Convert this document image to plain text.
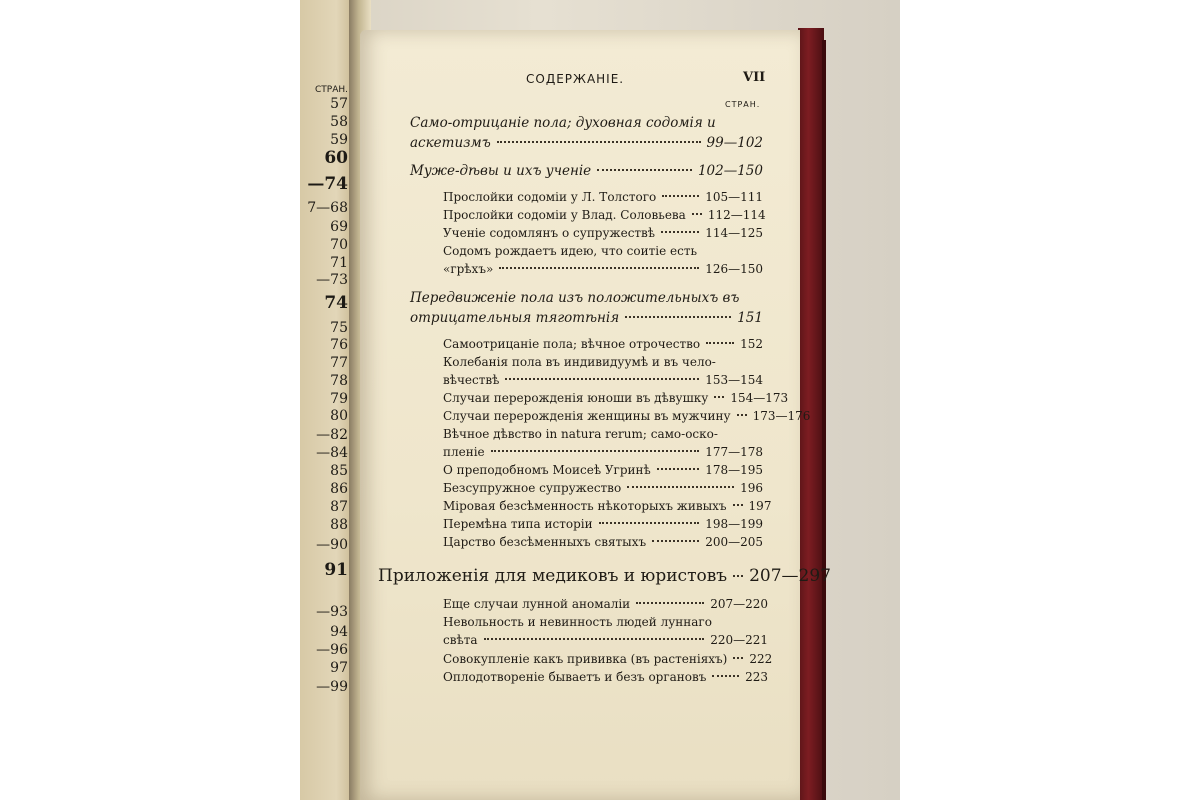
СТРАН.
57
58
59
60
—74
7—68
69
70
71
—73
74
75
76
77
78
79
80
—82
—84
85
86
87
88
—90
91
—93
94
—96
97
—99
СОДЕРЖАНІЕ.	VII
СТРАН.
Само-отрицаніе пола; духовная содомія и
аскетизмъ	99—102
Муже-дѣвы и ихъ ученіе	102—150
Прослойки содоміи у Л. Толстого	105—111
Прослойки содоміи у Влад. Соловьева 112—114
Ученіе содомлянъ о супружествѣ	114—125
Содомъ рождаетъ идею, что соитіе есть
«грѣхъ»	126—150
Передвиженіе пола изъ положительныхъ въ
отрицательныя тяготѣнія	151
Самоотрицаніе пола; вѣчное отрочество	152
Колебанія пола въ индивидуумѣ и въ чело-
вѣчествѣ	153—154
Случаи перерожденія юноши въ дѣвушку 154—173
Случаи перерожденія женщины въ мужчину 173—176
Вѣчное дѣвство in natura rerum; само-оско-
пленіе	177—178
О преподобномъ Моисеѣ Угринѣ	178—195
Безсупружное супружество	196
Міровая безсѣменность нѣкоторыхъ живыхъ 197
Перемѣна типа исторіи	198—199
Царство безсѣменныхъ святыхъ	200—205
Приложенія для медиковъ и юристовъ 207—297
Еще случаи лунной аномаліи	207—220
Невольность и невинность людей луннаго
свѣта	220—221
Совокупленіе какъ прививка (въ растеніяхъ) 222
Оплодотвореніе бываетъ и безъ органовъ	223
